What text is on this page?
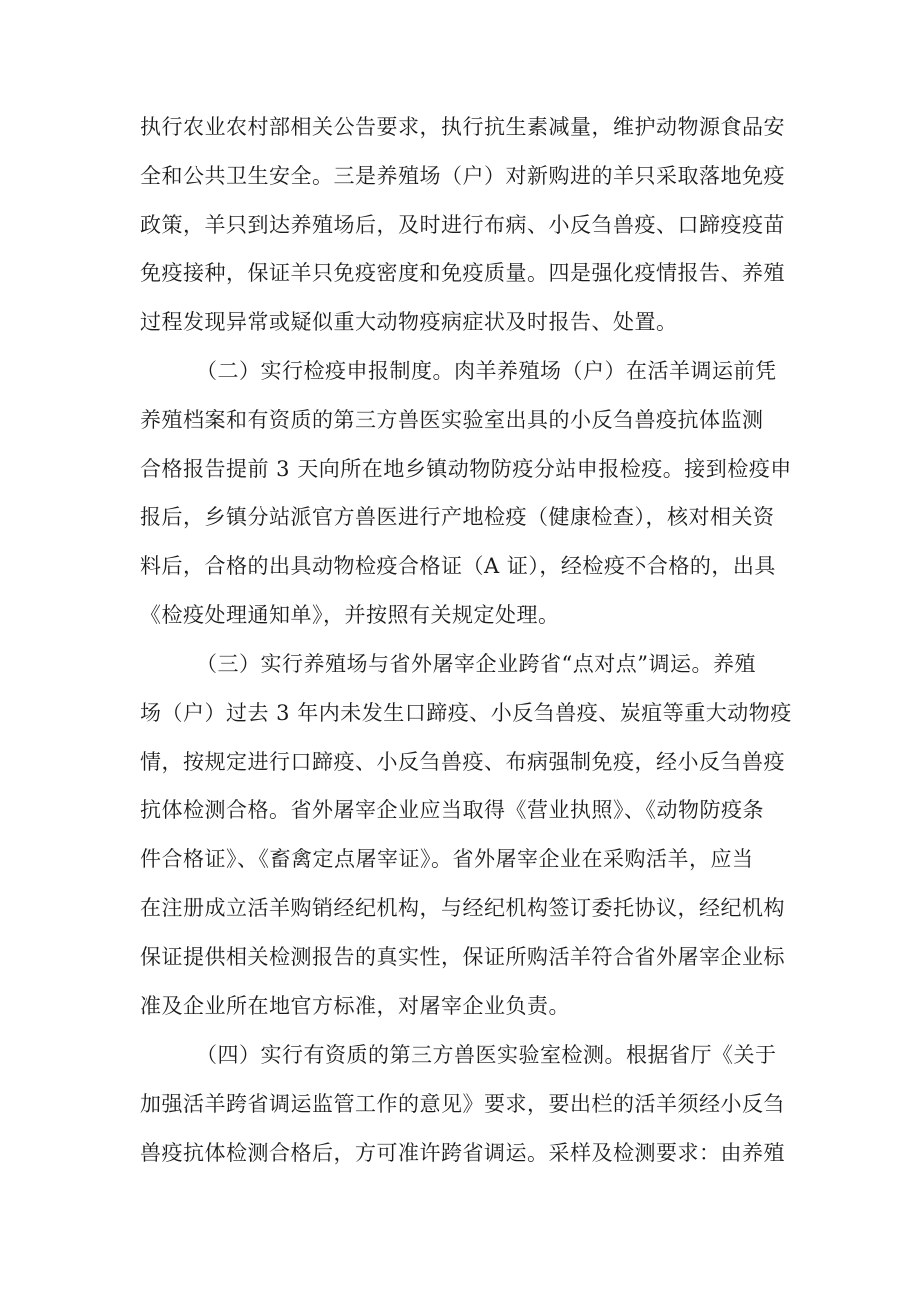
执行农业农村部相关公告要求，执行抗生素减量，维护动物源食品安
全和公共卫生安全。三是养殖场（户）对新购进的羊只采取落地免疫
政策，羊只到达养殖场后，及时进行布病、小反刍兽疫、口蹄疫疫苗
免疫接种，保证羊只免疫密度和免疫质量。四是强化疫情报告、养殖
过程发现异常或疑似重大动物疫病症状及时报告、处置。
（二）实行检疫申报制度。肉羊养殖场（户）在活羊调运前凭
养殖档案和有资质的第三方兽医实验室出具的小反刍兽疫抗体监测
合格报告提前 3 天向所在地乡镇动物防疫分站申报检疫。接到检疫申
报后，乡镇分站派官方兽医进行产地检疫（健康检查），核对相关资
料后，合格的出具动物检疫合格证（A 证），经检疫不合格的，出具
《检疫处理通知单》，并按照有关规定处理。
（三）实行养殖场与省外屠宰企业跨省“点对点”调运。养殖
场（户）过去 3 年内未发生口蹄疫、小反刍兽疫、炭疽等重大动物疫
情，按规定进行口蹄疫、小反刍兽疫、布病强制免疫，经小反刍兽疫
抗体检测合格。省外屠宰企业应当取得《营业执照》、《动物防疫条
件合格证》、《畜禽定点屠宰证》。省外屠宰企业在采购活羊，应当
在注册成立活羊购销经纪机构，与经纪机构签订委托协议，经纪机构
保证提供相关检测报告的真实性，保证所购活羊符合省外屠宰企业标
准及企业所在地官方标准，对屠宰企业负责。
（四）实行有资质的第三方兽医实验室检测。根据省厅《关于
加强活羊跨省调运监管工作的意见》要求，要出栏的活羊须经小反刍
兽疫抗体检测合格后，方可准许跨省调运。采样及检测要求：由养殖
